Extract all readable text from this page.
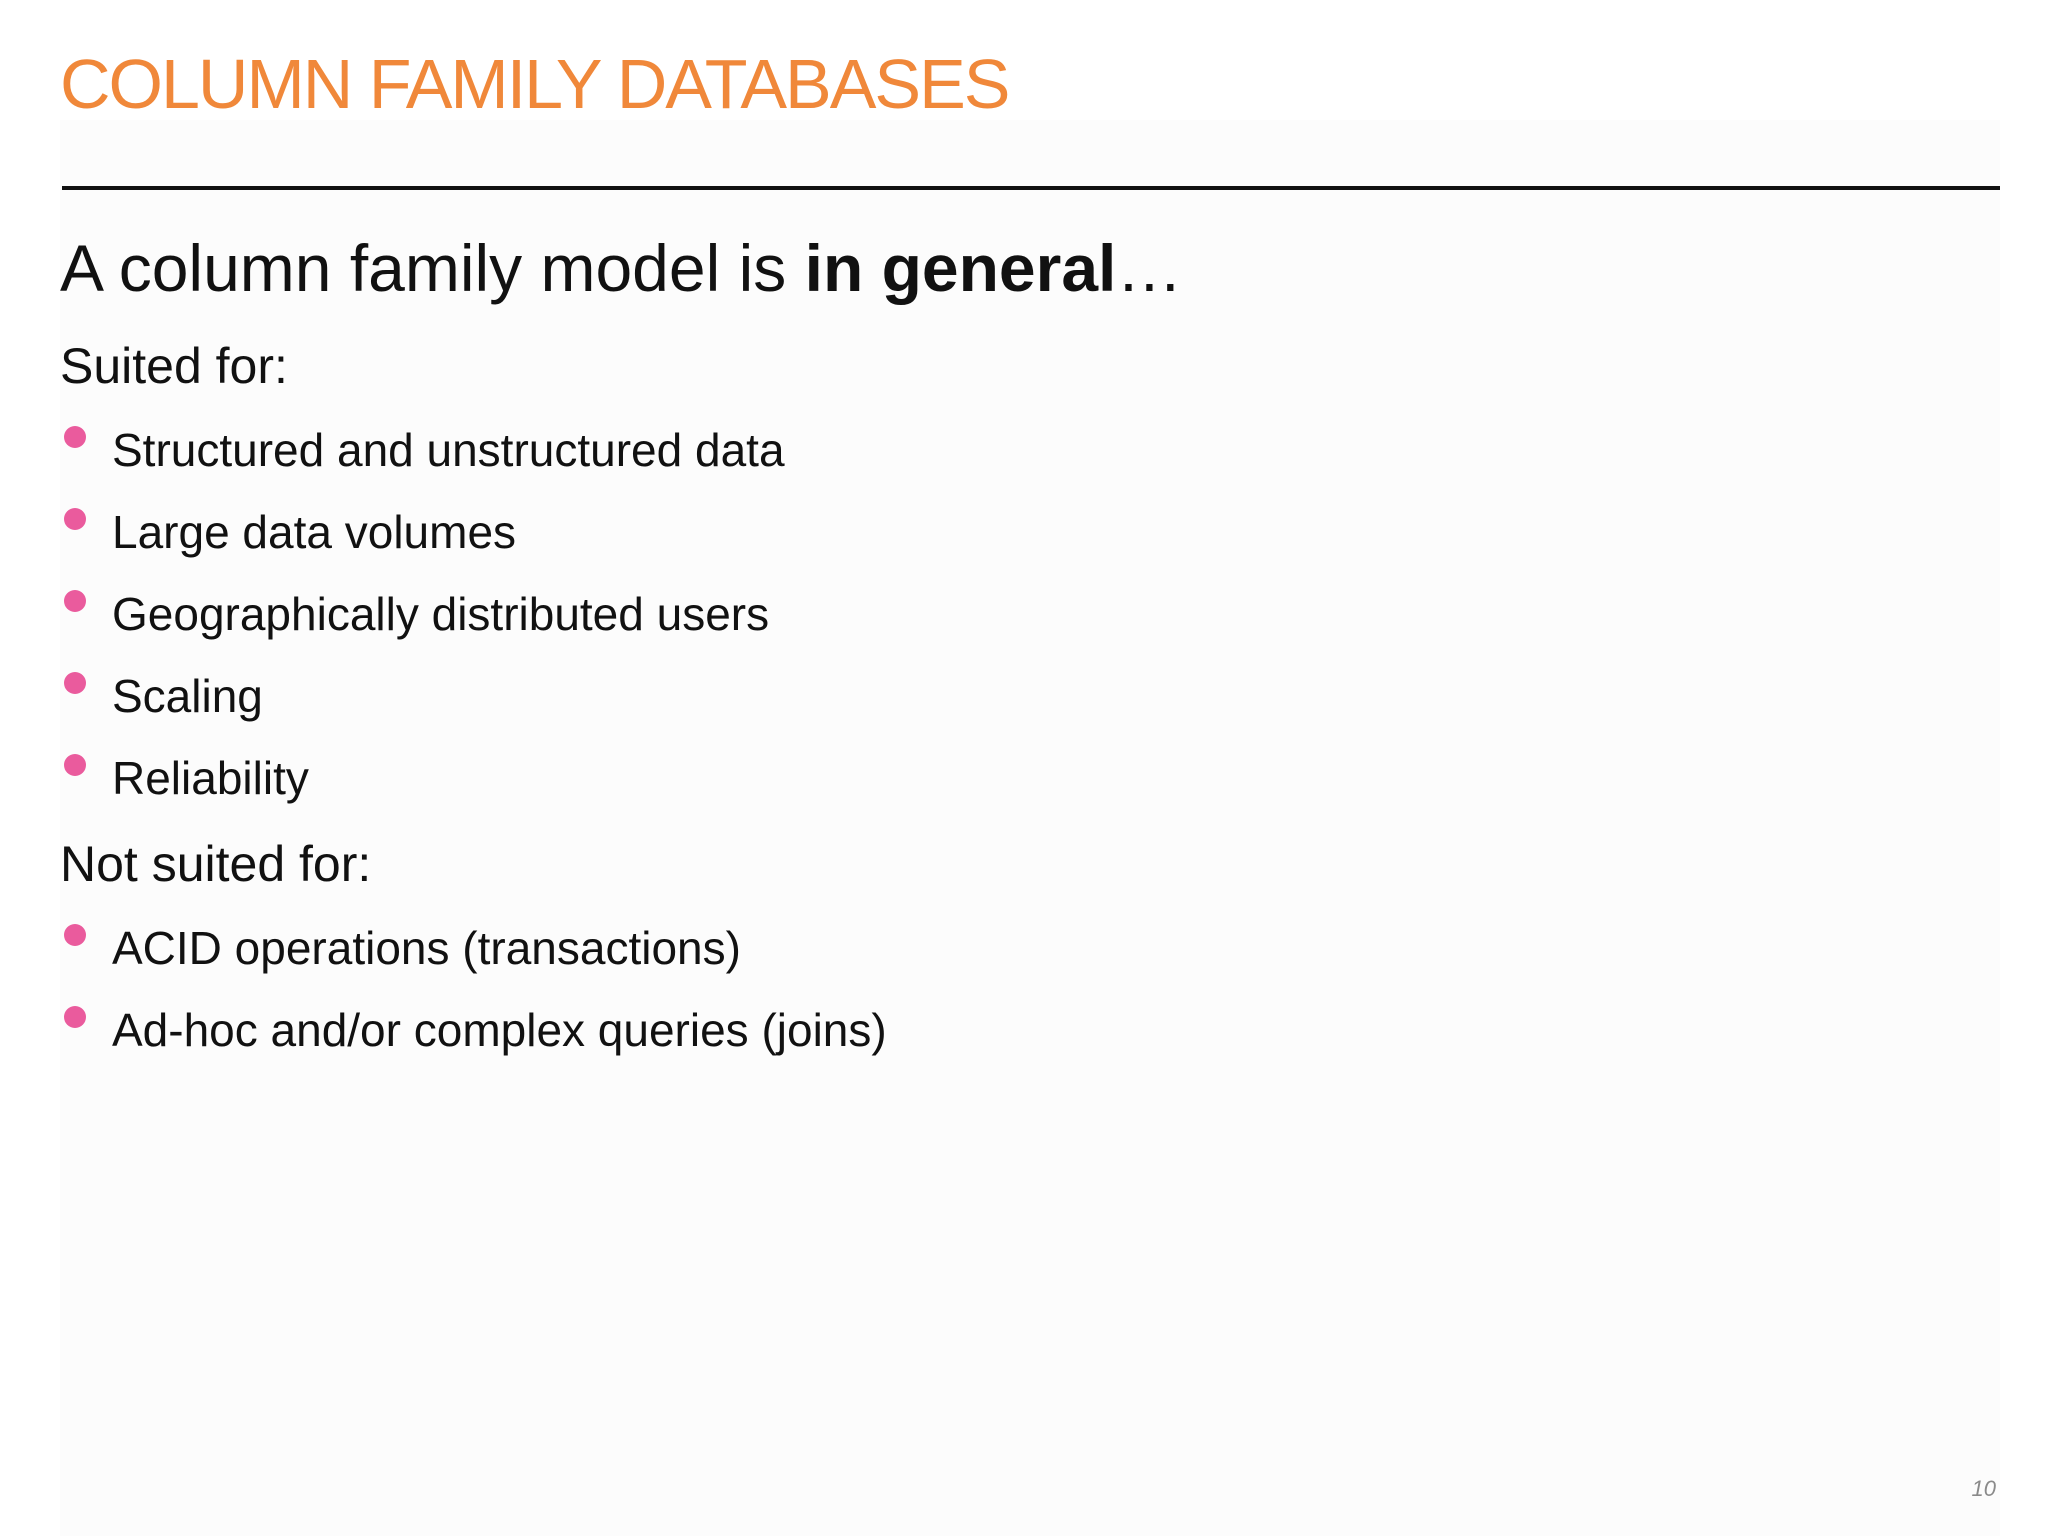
COLUMN FAMILY DATABASES
A column family model is in general…
Suited for:
Structured and unstructured data
Large data volumes
Geographically distributed users
Scaling
Reliability
Not suited for:
ACID operations (transactions)
Ad-hoc and/or complex queries (joins)
10
